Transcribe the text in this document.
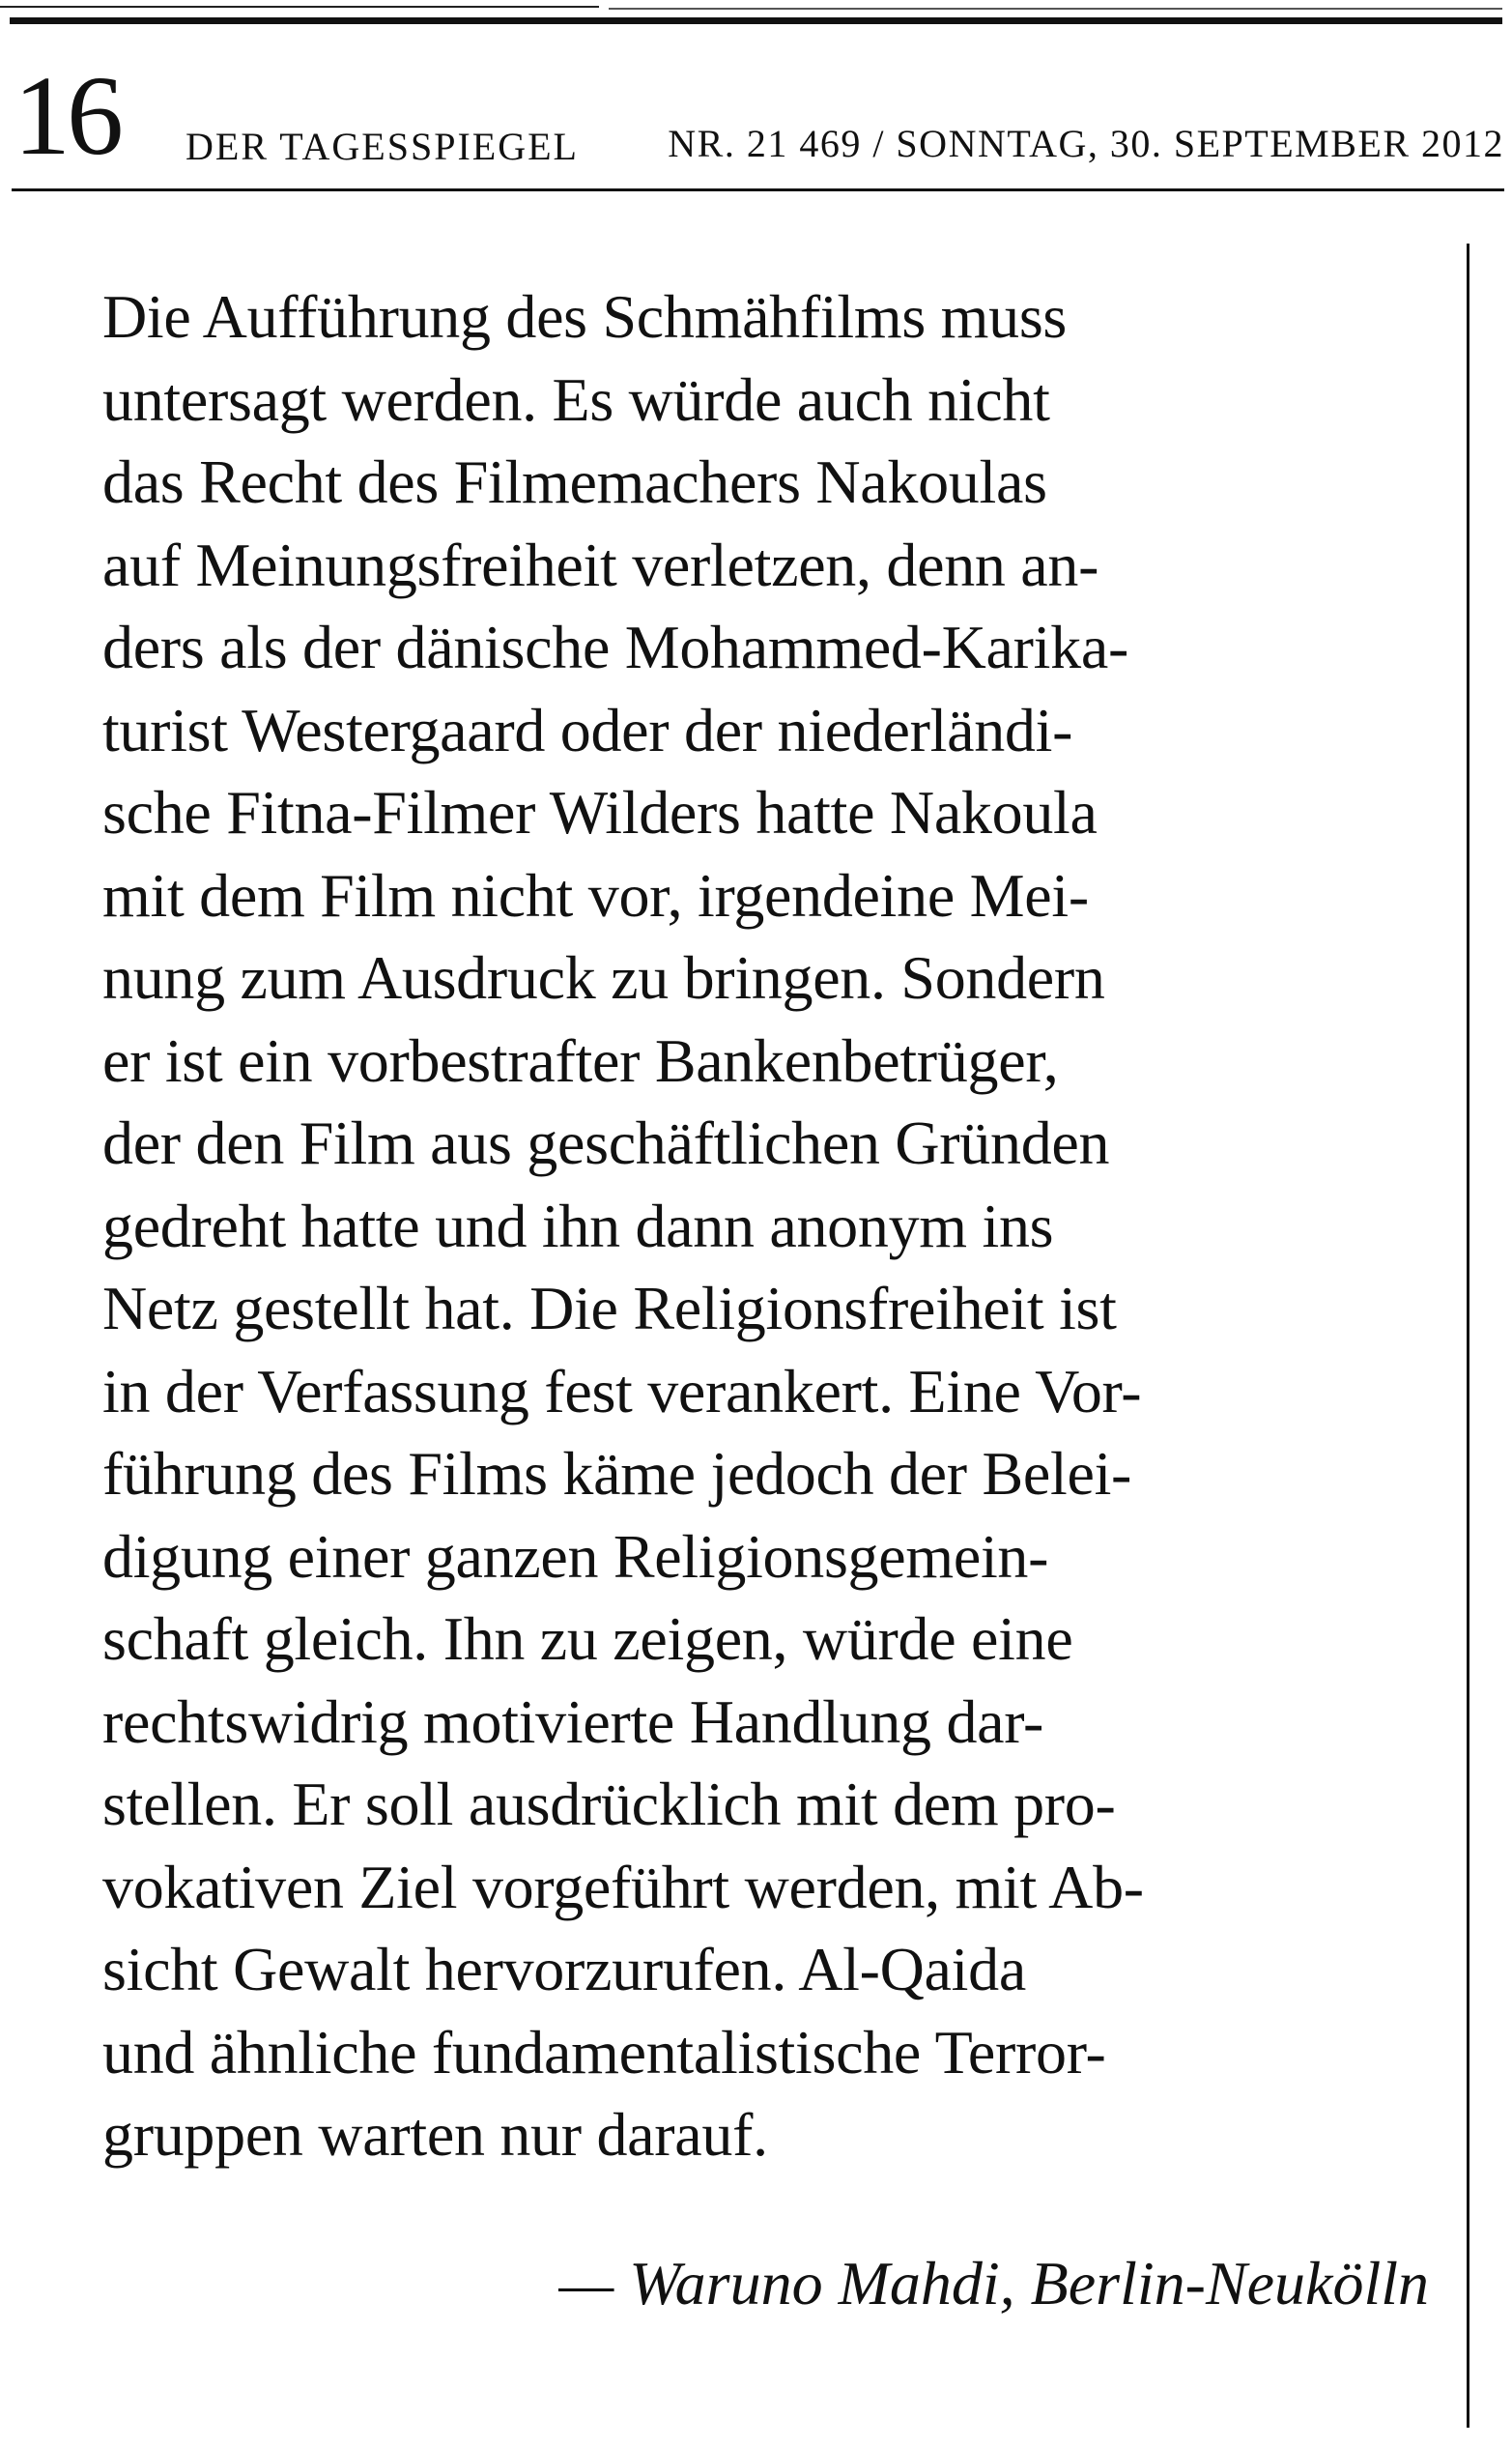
16 DER TAGESSPIEGEL NR. 21 469 / SONNTAG, 30. SEPTEMBER 2012
Die Aufführung des Schmähfilms muss
untersagt werden. Es würde auch nicht
das Recht des Filmemachers Nakoulas
auf Meinungsfreiheit verletzen, denn an-
ders als der dänische Mohammed-Karika-
turist Westergaard oder der niederländi-
sche Fitna-Filmer Wilders hatte Nakoula
mit dem Film nicht vor, irgendeine Mei-
nung zum Ausdruck zu bringen. Sondern
er ist ein vorbestrafter Bankenbetrüger,
der den Film aus geschäftlichen Gründen
gedreht hatte und ihn dann anonym ins
Netz gestellt hat. Die Religionsfreiheit ist
in der Verfassung fest verankert. Eine Vor-
führung des Films käme jedoch der Belei-
digung einer ganzen Religionsgemein-
schaft gleich. Ihn zu zeigen, würde eine
rechtswidrig motivierte Handlung dar-
stellen. Er soll ausdrücklich mit dem pro-
vokativen Ziel vorgeführt werden, mit Ab-
sicht Gewalt hervorzurufen. Al-Qaida
und ähnliche fundamentalistische Terror-
gruppen warten nur darauf.
— Waruno Mahdi, Berlin-Neukölln
